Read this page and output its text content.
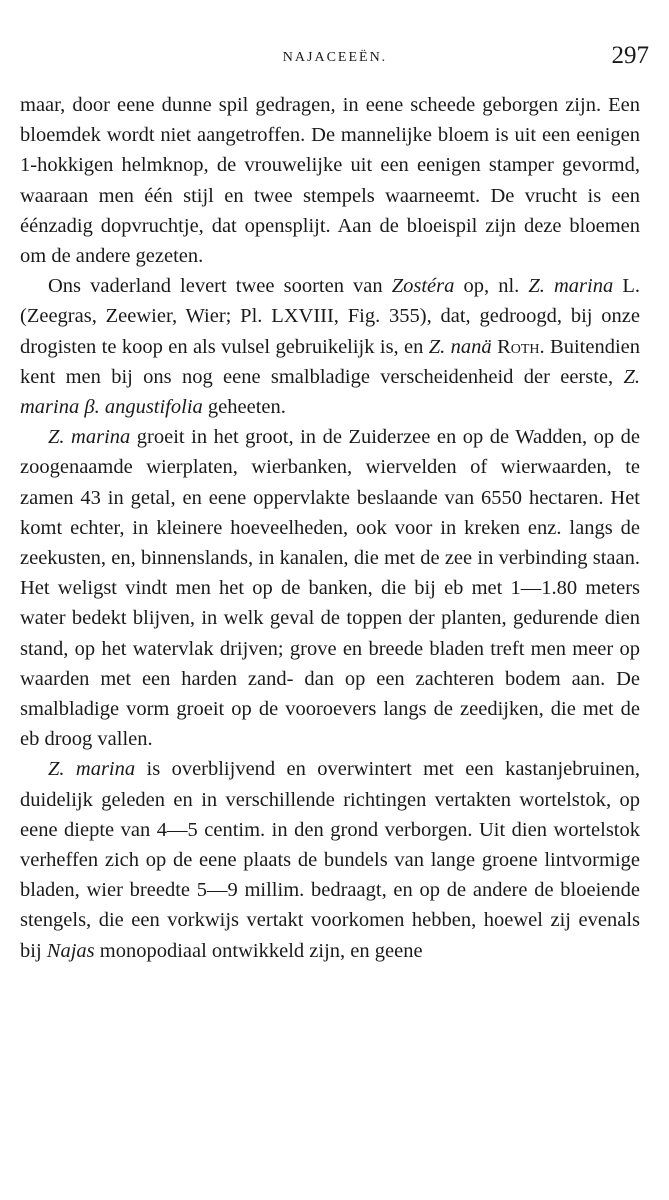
NAJACEEËN.	297

maar, door eene dunne spil gedragen, in eene scheede geborgen zijn. Een bloemdek wordt niet aangetroffen. De mannelijke bloem is uit een eenigen 1-hokkigen helmknop, de vrouwelijke uit een eenigen stamper gevormd, waaraan men één stijl en twee stempels waarneemt. De vrucht is een éénzadig dopvruchtje, dat opensplijt. Aan de bloeispil zijn deze bloemen om de andere gezeten.

Ons vaderland levert twee soorten van Zostéra op, nl. Z. marina L. (Zeegras, Zeewier, Wier; Pl. LXVIII, Fig. 355), dat, gedroogd, bij onze drogisten te koop en als vulsel gebruikelijk is, en Z. nanä Roth. Buitendien kent men bij ons nog eene smalbladige verscheidenheid der eerste, Z. marina β. angustifolia geheeten.

Z. marina groeit in het groot, in de Zuiderzee en op de Wadden, op de zoogenaamde wierplaten, wierbanken, wiervelden of wierwaarden, te zamen 43 in getal, en eene oppervlakte beslaande van 6550 hectaren. Het komt echter, in kleinere hoeveelheden, ook voor in kreken enz. langs de zeekusten, en, binnenslands, in kanalen, die met de zee in verbinding staan. Het weligst vindt men het op de banken, die bij eb met 1—1.80 meters water bedekt blijven, in welk geval de toppen der planten, gedurende dien stand, op het watervlak drijven; grove en breede bladen treft men meer op waarden met een harden zand- dan op een zachteren bodem aan. De smalbladige vorm groeit op de vooroevers langs de zeedijken, die met de eb droog vallen.

Z. marina is overblijvend en overwintert met een kastanjebruinen, duidelijk geleden en in verschillende richtingen vertakten wortelstok, op eene diepte van 4—5 centim. in den grond verborgen. Uit dien wortelstok verheffen zich op de eene plaats de bundels van lange groene lintvormige bladen, wier breedte 5—9 millim. bedraagt, en op de andere de bloeiende stengels, die een vorkwijs vertakt voorkomen hebben, hoewel zij evenals bij Najas monopodiaal ontwikkeld zijn, en geene
